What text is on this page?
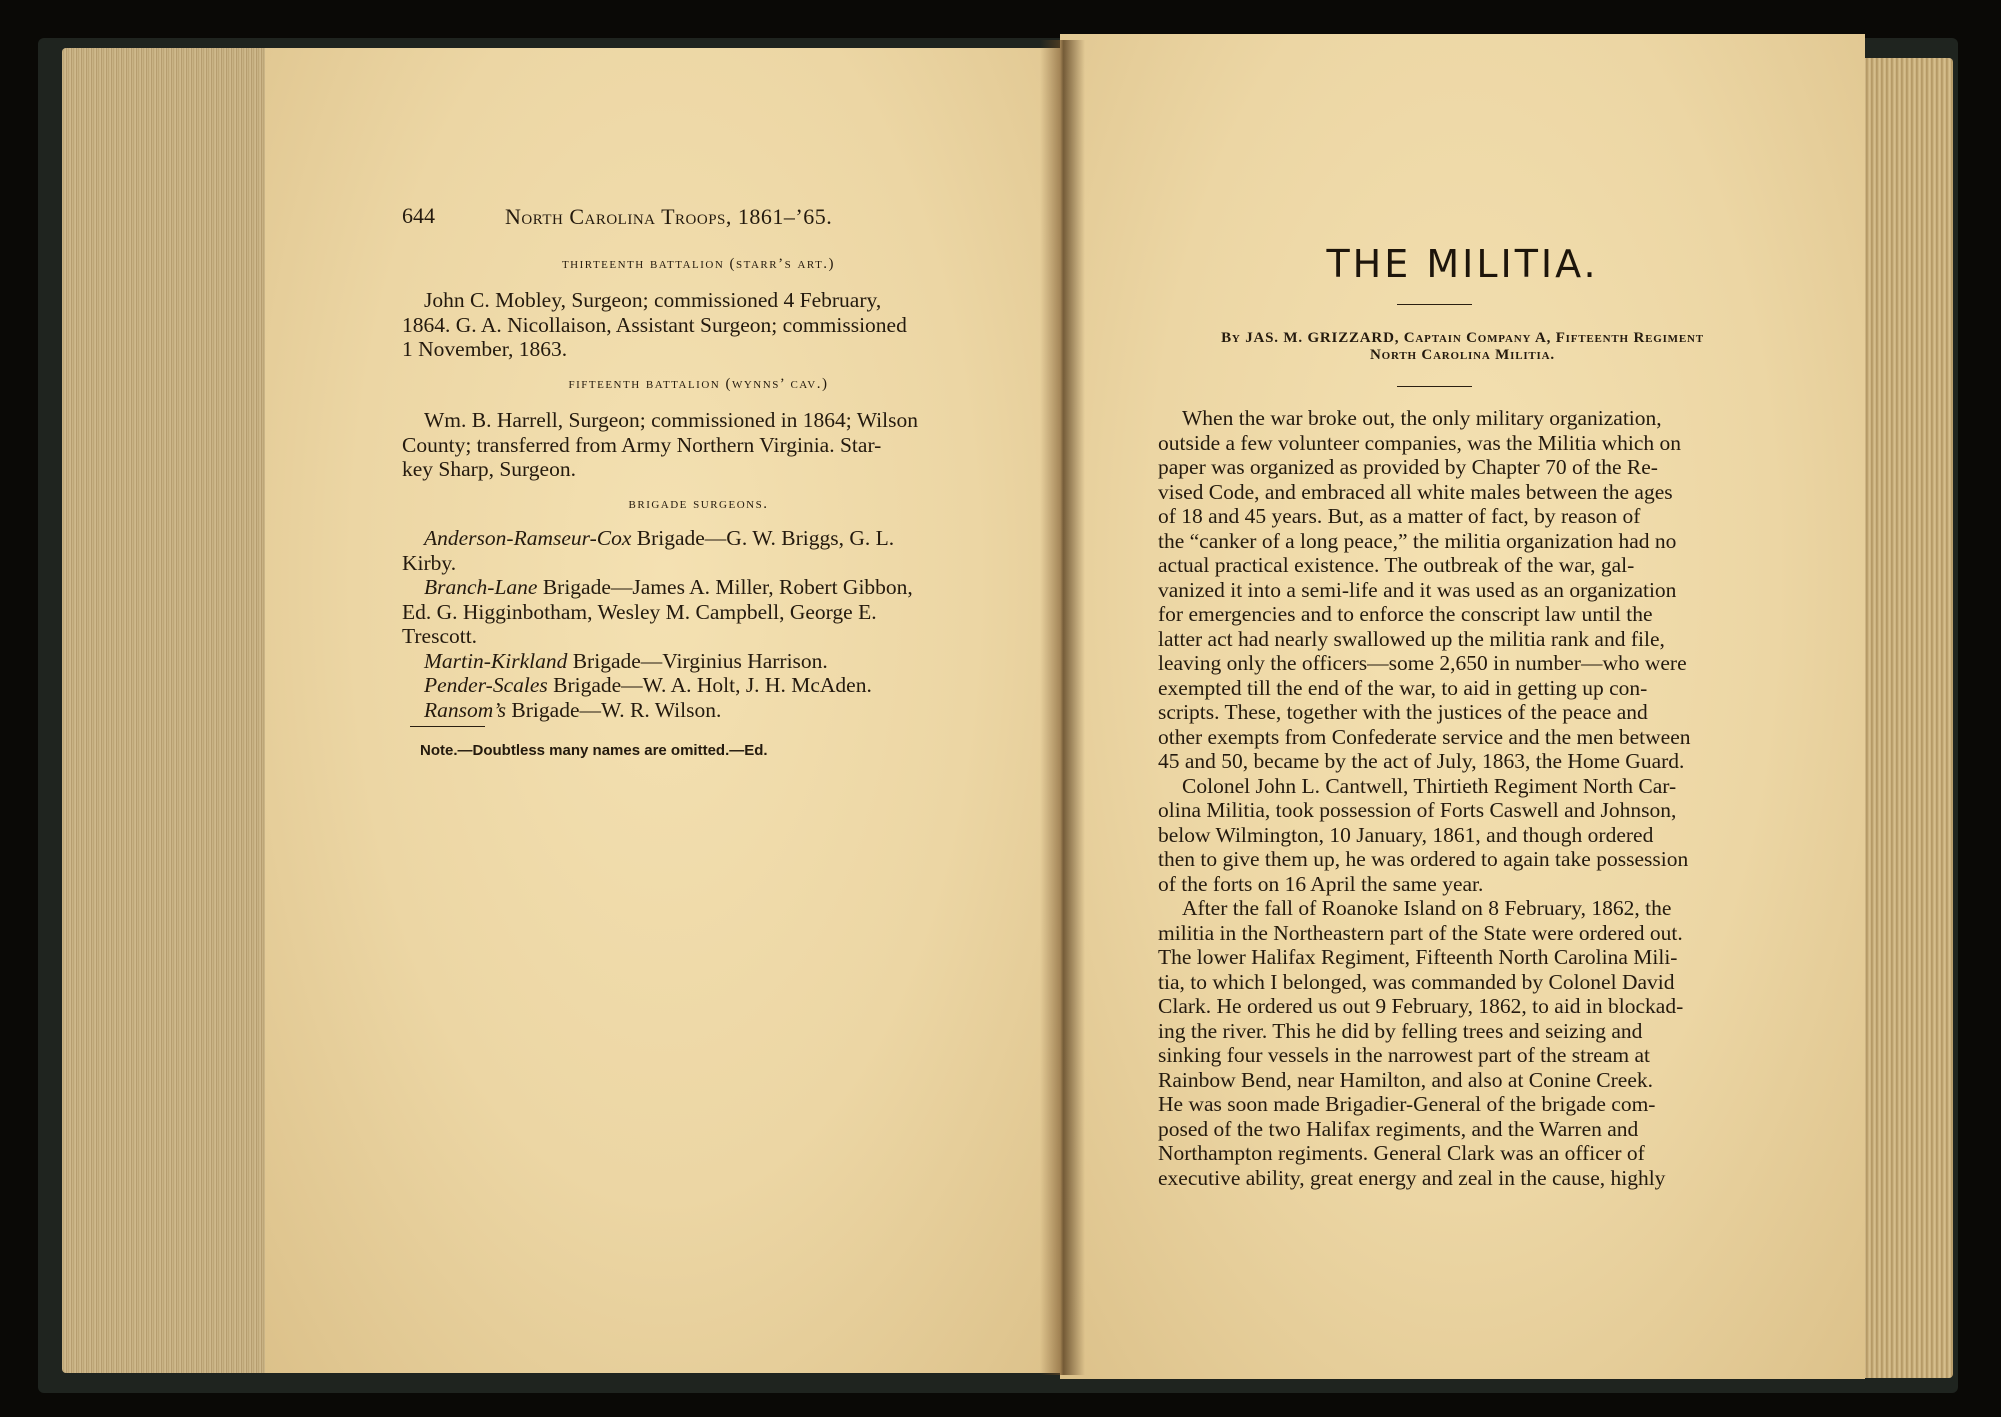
644	North Carolina Troops, 1861–’65.
thirteenth battalion (starr’s art.)
John C. Mobley, Surgeon; commissioned 4 February,
1864. G. A. Nicollaison, Assistant Surgeon; commissioned
1 November, 1863.
fifteenth battalion (wynns’ cav.)
Wm. B. Harrell, Surgeon; commissioned in 1864; Wilson
County; transferred from Army Northern Virginia. Star-
key Sharp, Surgeon.
brigade surgeons.
Anderson-Ramseur-Cox Brigade—G. W. Briggs, G. L.
Kirby.
Branch-Lane Brigade—James A. Miller, Robert Gibbon,
Ed. G. Higginbotham, Wesley M. Campbell, George E.
Trescott.
Martin-Kirkland Brigade—Virginius Harrison.
Pender-Scales Brigade—W. A. Holt, J. H. McAden.
Ransom’s Brigade—W. R. Wilson.
Note.—Doubtless many names are omitted.—Ed.
THE MILITIA.
By JAS. M. GRIZZARD, Captain Company A, Fifteenth Regiment
North Carolina Militia.
When the war broke out, the only military organization,
outside a few volunteer companies, was the Militia which on
paper was organized as provided by Chapter 70 of the Re-
vised Code, and embraced all white males between the ages
of 18 and 45 years. But, as a matter of fact, by reason of
the “canker of a long peace,” the militia organization had no
actual practical existence. The outbreak of the war, gal-
vanized it into a semi-life and it was used as an organization
for emergencies and to enforce the conscript law until the
latter act had nearly swallowed up the militia rank and file,
leaving only the officers—some 2,650 in number—who were
exempted till the end of the war, to aid in getting up con-
scripts. These, together with the justices of the peace and
other exempts from Confederate service and the men between
45 and 50, became by the act of July, 1863, the Home Guard.
Colonel John L. Cantwell, Thirtieth Regiment North Car-
olina Militia, took possession of Forts Caswell and Johnson,
below Wilmington, 10 January, 1861, and though ordered
then to give them up, he was ordered to again take possession
of the forts on 16 April the same year.
After the fall of Roanoke Island on 8 February, 1862, the
militia in the Northeastern part of the State were ordered out.
The lower Halifax Regiment, Fifteenth North Carolina Mili-
tia, to which I belonged, was commanded by Colonel David
Clark. He ordered us out 9 February, 1862, to aid in blockad-
ing the river. This he did by felling trees and seizing and
sinking four vessels in the narrowest part of the stream at
Rainbow Bend, near Hamilton, and also at Conine Creek.
He was soon made Brigadier-General of the brigade com-
posed of the two Halifax regiments, and the Warren and
Northampton regiments. General Clark was an officer of
executive ability, great energy and zeal in the cause, highly
